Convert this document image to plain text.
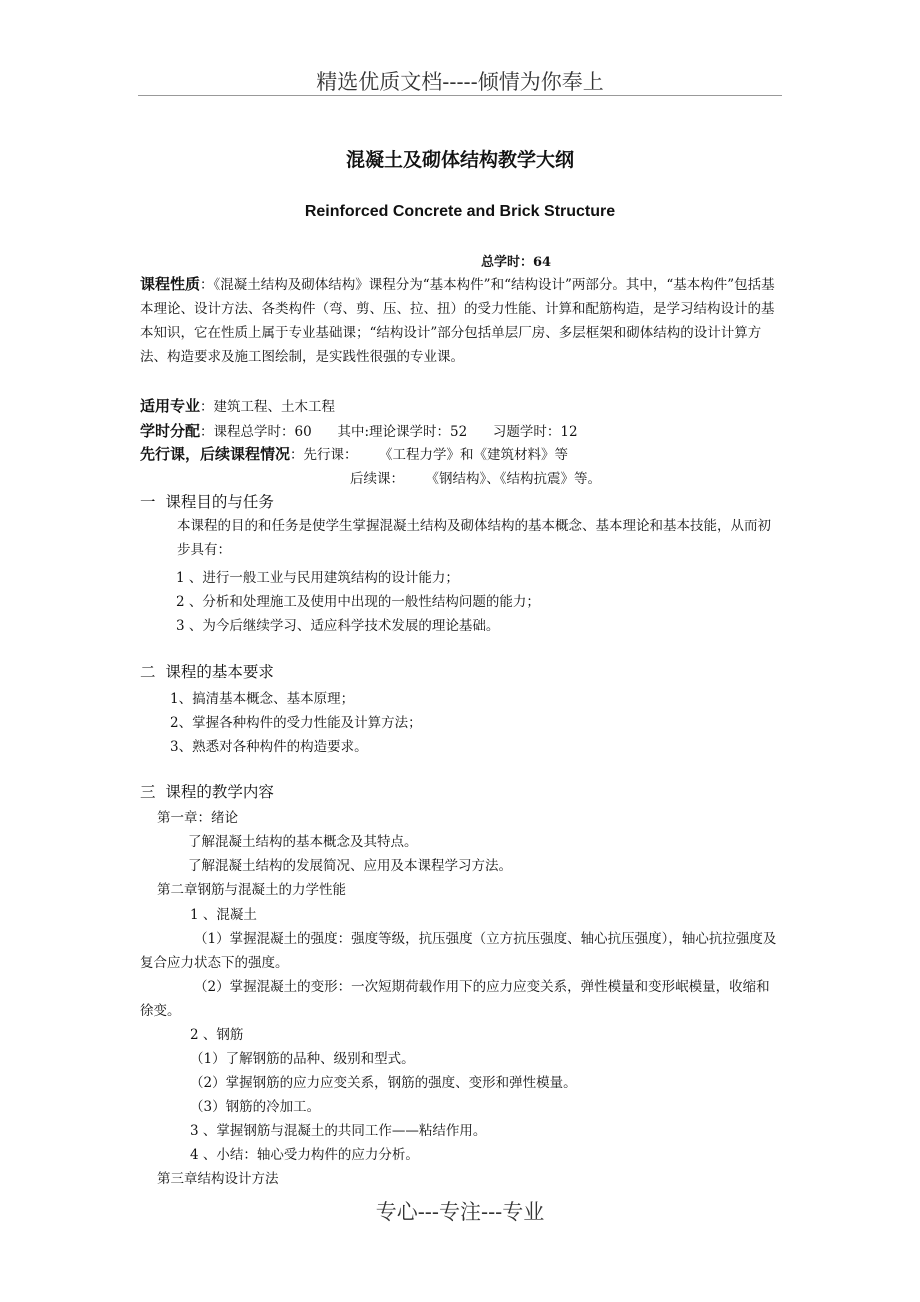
精选优质文档-----倾情为你奉上
混凝土及砌体结构教学大纲
Reinforced Concrete and Brick Structure
总学时：64
课程性质：《混凝土结构及砌体结构》课程分为“基本构件”和“结构设计”两部分。其中，“基本构件”包括基本理论、设计方法、各类构件（弯、剪、压、拉、扭）的受力性能、计算和配筋构造，是学习结构设计的基本知识，它在性质上属于专业基础课；“结构设计”部分包括单层厂房、多层框架和砌体结构的设计计算方法、构造要求及施工图绘制，是实践性很强的专业课。
适用专业：建筑工程、土木工程
学时分配：课程总学时：60      其中:理论课学时：52      习题学时：12
先行课，后续课程情况：先行课：     《工程力学》和《建筑材料》等
后续课：     《钢结构》、《结构抗震》等。
一  课程目的与任务
本课程的目的和任务是使学生掌握混凝土结构及砌体结构的基本概念、基本理论和基本技能，从而初步具有：
1 、进行一般工业与民用建筑结构的设计能力；
2 、分析和处理施工及使用中出现的一般性结构问题的能力；
3 、为今后继续学习、适应科学技术发展的理论基础。
二  课程的基本要求
1、搞清基本概念、基本原理；
2、掌握各种构件的受力性能及计算方法；
3、熟悉对各种构件的构造要求。
三  课程的教学内容
第一章：绪论
了解混凝土结构的基本概念及其特点。
了解混凝土结构的发展简况、应用及本课程学习方法。
第二章钢筋与混凝土的力学性能
1 、混凝土
（1）掌握混凝土的强度：强度等级，抗压强度（立方抗压强度、轴心抗压强度），轴心抗拉强度及复合应力状态下的强度。
（2）掌握混凝土的变形：一次短期荷载作用下的应力应变关系，弹性模量和变形岷模量，收缩和徐变。
2 、钢筋
（1）了解钢筋的品种、级别和型式。
（2）掌握钢筋的应力应变关系，钢筋的强度、变形和弹性模量。
（3）钢筋的冷加工。
3 、掌握钢筋与混凝土的共同工作——粘结作用。
4 、小结：轴心受力构件的应力分析。
第三章结构设计方法
专心---专注---专业
